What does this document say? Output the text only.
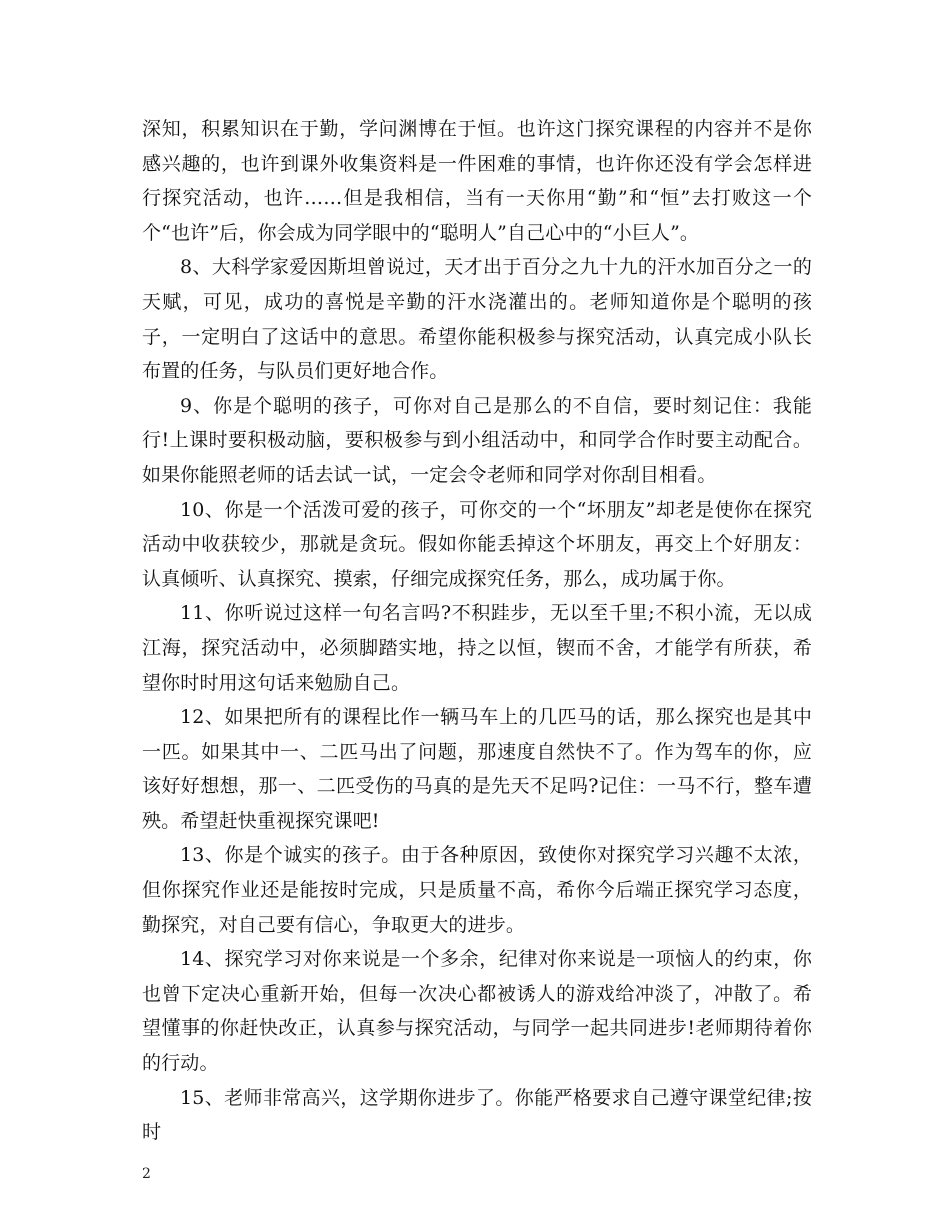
深知，积累知识在于勤，学问渊博在于恒。也许这门探究课程的内容并不是你感兴趣的，也许到课外收集资料是一件困难的事情，也许你还没有学会怎样进行探究活动，也许……但是我相信，当有一天你用“勤”和“恒”去打败这一个个“也许”后，你会成为同学眼中的“聪明人”自己心中的“小巨人”。

8、大科学家爱因斯坦曾说过，天才出于百分之九十九的汗水加百分之一的天赋，可见，成功的喜悦是辛勤的汗水浇灌出的。老师知道你是个聪明的孩子，一定明白了这话中的意思。希望你能积极参与探究活动，认真完成小队长布置的任务，与队员们更好地合作。

9、你是个聪明的孩子，可你对自己是那么的不自信，要时刻记住：我能行!上课时要积极动脑，要积极参与到小组活动中，和同学合作时要主动配合。如果你能照老师的话去试一试，一定会令老师和同学对你刮目相看。

10、你是一个活泼可爱的孩子，可你交的一个“坏朋友”却老是使你在探究活动中收获较少，那就是贪玩。假如你能丢掉这个坏朋友，再交上个好朋友：认真倾听、认真探究、摸索，仔细完成探究任务，那么，成功属于你。

11、你听说过这样一句名言吗?不积跬步，无以至千里;不积小流，无以成江海，探究活动中，必须脚踏实地，持之以恒，锲而不舍，才能学有所获，希望你时时用这句话来勉励自己。

12、如果把所有的课程比作一辆马车上的几匹马的话，那么探究也是其中一匹。如果其中一、二匹马出了问题，那速度自然快不了。作为驾车的你，应该好好想想，那一、二匹受伤的马真的是先天不足吗?记住：一马不行，整车遭殃。希望赶快重视探究课吧!

13、你是个诚实的孩子。由于各种原因，致使你对探究学习兴趣不太浓，但你探究作业还是能按时完成，只是质量不高，希你今后端正探究学习态度，勤探究，对自己要有信心，争取更大的进步。

14、探究学习对你来说是一个多余，纪律对你来说是一项恼人的约束，你也曾下定决心重新开始，但每一次决心都被诱人的游戏给冲淡了，冲散了。希望懂事的你赶快改正，认真参与探究活动，与同学一起共同进步!老师期待着你的行动。

15、老师非常高兴，这学期你进步了。你能严格要求自己遵守课堂纪律;按时

2
